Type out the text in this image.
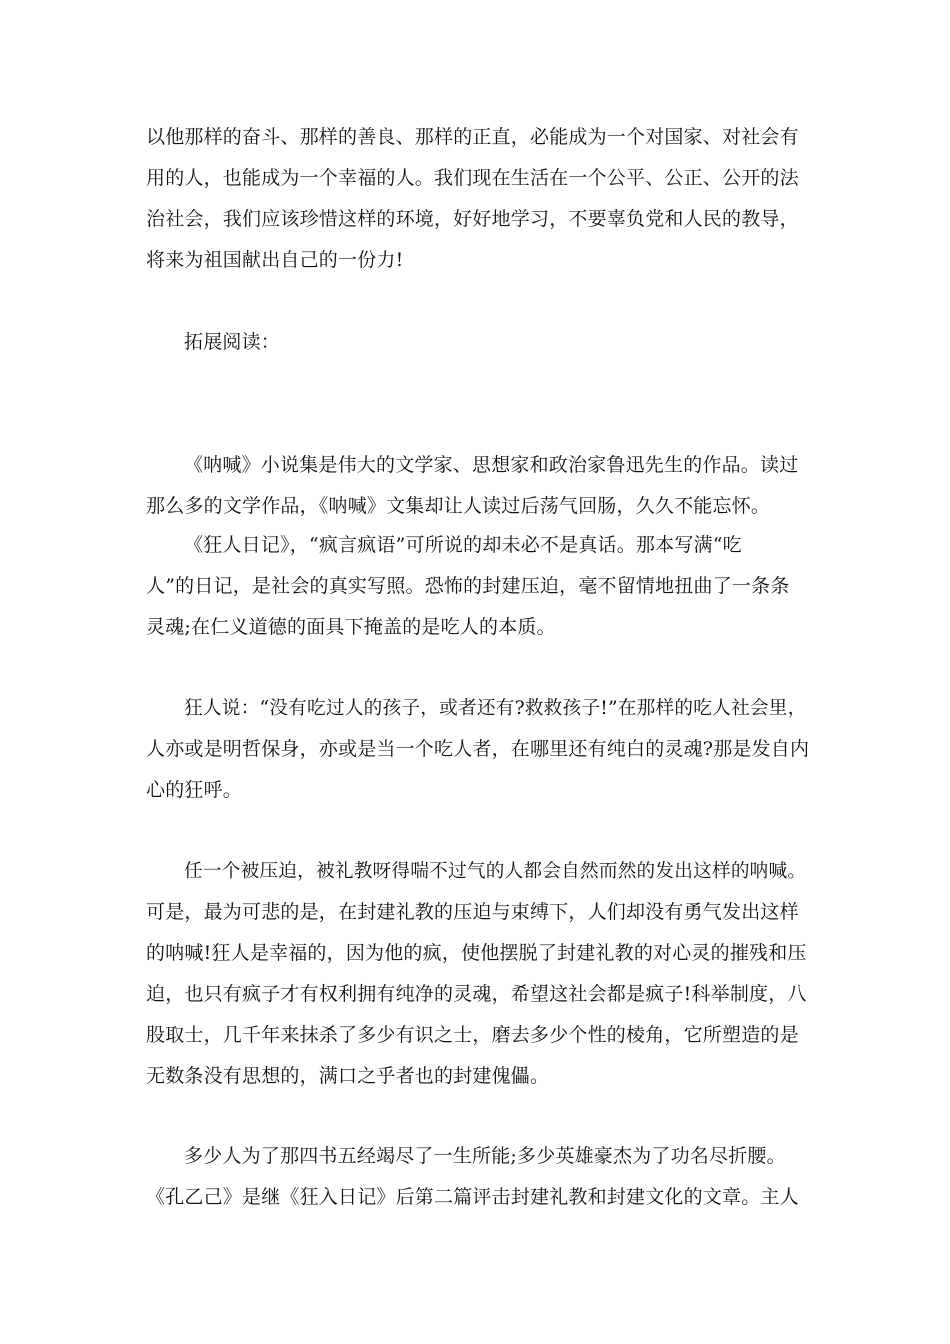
以他那样的奋斗、那样的善良、那样的正直，必能成为一个对国家、对社会有
用的人，也能成为一个幸福的人。我们现在生活在一个公平、公正、公开的法
治社会，我们应该珍惜这样的环境，好好地学习，不要辜负党和人民的教导，
将来为祖国献出自己的一份力!

拓展阅读：

《呐喊》小说集是伟大的文学家、思想家和政治家鲁迅先生的作品。读过
那么多的文学作品，《呐喊》文集却让人读过后荡气回肠，久久不能忘怀。

《狂人日记》，“疯言疯语”可所说的却未必不是真话。那本写满“吃
人”的日记，是社会的真实写照。恐怖的封建压迫，毫不留情地扭曲了一条条
灵魂;在仁义道德的面具下掩盖的是吃人的本质。

狂人说：“没有吃过人的孩子，或者还有?救救孩子!”在那样的吃人社会里，
人亦或是明哲保身，亦或是当一个吃人者，在哪里还有纯白的灵魂?那是发自内
心的狂呼。

任一个被压迫，被礼教呀得喘不过气的人都会自然而然的发出这样的呐喊。
可是，最为可悲的是，在封建礼教的压迫与束缚下，人们却没有勇气发出这样
的呐喊!狂人是幸福的，因为他的疯，使他摆脱了封建礼教的对心灵的摧残和压
迫，也只有疯子才有权利拥有纯净的灵魂，希望这社会都是疯子!科举制度，八
股取士，几千年来抹杀了多少有识之士，磨去多少个性的棱角，它所塑造的是
无数条没有思想的，满口之乎者也的封建傀儡。

多少人为了那四书五经竭尽了一生所能;多少英雄豪杰为了功名尽折腰。
《孔乙己》是继《狂入日记》后第二篇评击封建礼教和封建文化的文章。主人
